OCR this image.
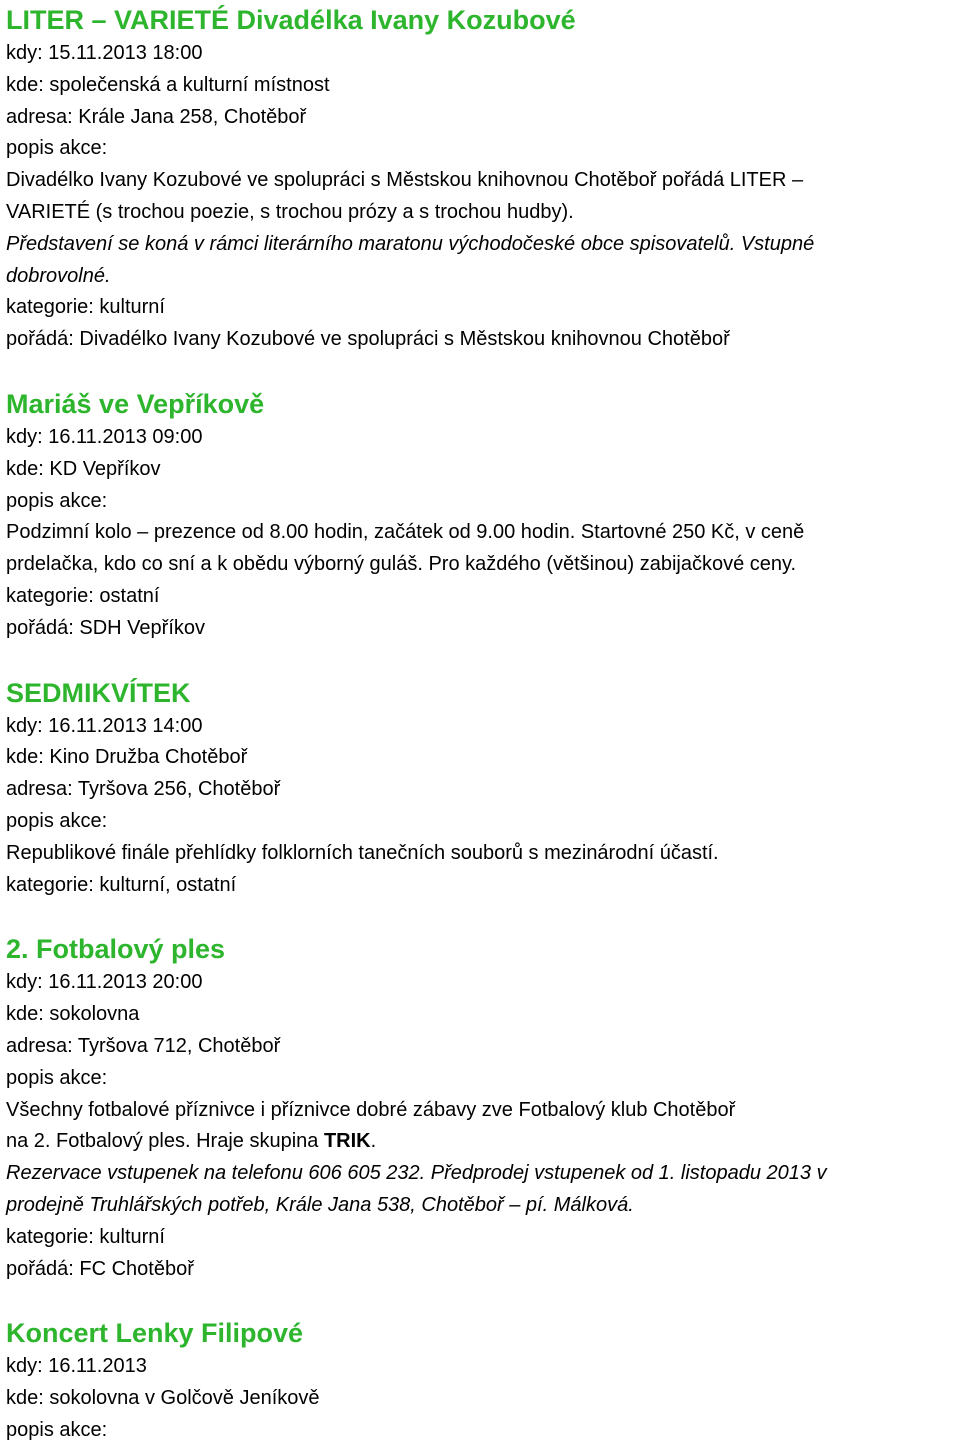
LITER – VARIETÉ Divadélka Ivany Kozubové
kdy: 15.11.2013 18:00
kde: společenská a kulturní místnost
adresa: Krále Jana 258, Chotěboř
popis akce:
Divadélko Ivany Kozubové ve spolupráci s Městskou knihovnou Chotěboř pořádá LITER –
VARIETÉ (s trochou poezie, s trochou prózy a s trochou hudby).
Představení se koná v rámci literárního maratonu východočeské obce spisovatelů. Vstupné
dobrovolné.
kategorie: kulturní
pořádá: Divadélko Ivany Kozubové ve spolupráci s Městskou knihovnou Chotěboř
Mariáš ve Vepříkově
kdy: 16.11.2013 09:00
kde: KD Vepříkov
popis akce:
Podzimní kolo – prezence od 8.00 hodin, začátek od 9.00 hodin. Startovné 250 Kč, v ceně
prdelačka, kdo co sní a k obědu výborný guláš. Pro každého (většinou) zabijačkové ceny.
kategorie: ostatní
pořádá: SDH Vepříkov
SEDMIKVÍTEK
kdy: 16.11.2013 14:00
kde: Kino Družba Chotěboř
adresa: Tyršova 256, Chotěboř
popis akce:
Republikové finále přehlídky folklorních tanečních souborů s mezinárodní účastí.
kategorie: kulturní, ostatní
2. Fotbalový ples
kdy: 16.11.2013 20:00
kde: sokolovna
adresa: Tyršova 712, Chotěboř
popis akce:
Všechny fotbalové příznivce i příznivce dobré zábavy zve Fotbalový klub Chotěboř
na 2. Fotbalový ples. Hraje skupina TRIK.
Rezervace vstupenek na telefonu 606 605 232. Předprodej vstupenek od 1. listopadu 2013 v
prodejně Truhlářských potřeb, Krále Jana 538, Chotěboř – pí. Málková.
kategorie: kulturní
pořádá: FC Chotěboř
Koncert Lenky Filipové
kdy: 16.11.2013
kde: sokolovna v Golčově Jeníkově
popis akce:
